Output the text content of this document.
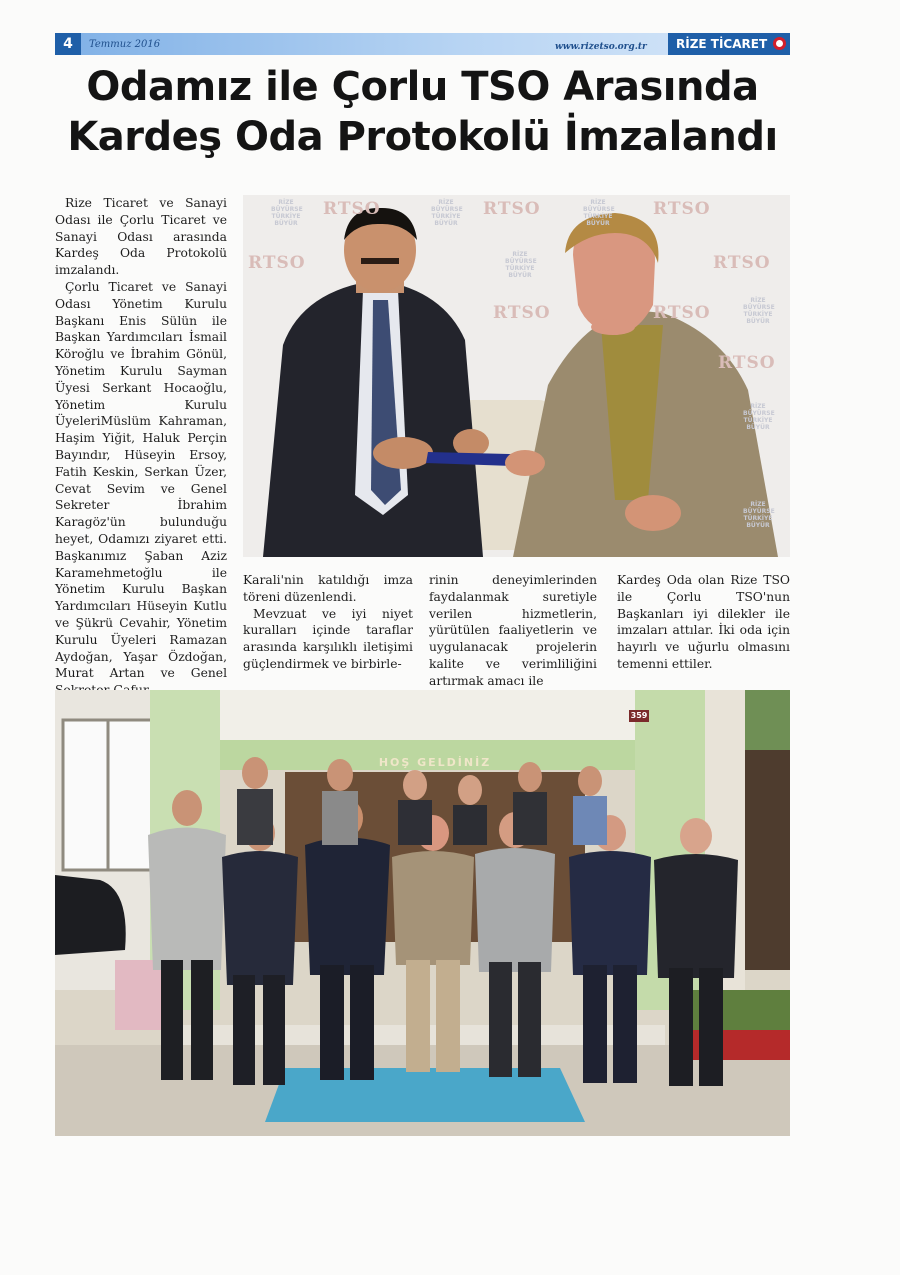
4	Temmuz 2016	www.rizetso.org.tr	RİZE TİCARET
Odamız ile Çorlu TSO Arasında
Kardeş Oda Protokolü İmzalandı

Rize Ticaret ve Sanayi Odası ile Çorlu Ticaret ve Sanayi Odası arasında Kardeş Oda Protokolü imzalandı.

Çorlu Ticaret ve Sanayi Odası Yönetim Kurulu Başkanı Enis Sülün ile Başkan Yardımcıları İsmail Köroğlu ve İbrahim Gönül, Yönetim Kurulu Sayman Üyesi Serkant Hocaoğlu, Yönetim Kurulu ÜyeleriMüslüm Kahraman, Haşim Yiğit, Haluk Perçin Bayındır, Hüseyin Ersoy, Fatih Keskin, Serkan Üzer, Cevat Sevim ve Genel Sekreter İbrahim Karagöz'ün bulunduğu heyet, Odamızı ziyaret etti. Başkanımız Şaban Aziz Karamehmetoğlu ile Yönetim Kurulu Başkan Yardımcıları Hüseyin Kutlu ve Şükrü Cevahir, Yönetim Kurulu Üyeleri Ramazan Aydoğan, Yaşar Özdoğan, Murat Artan ve Genel

RTSO	RTSO	RTSO
RTSO
RTSO	RTSO
RTSO
RTSO
RİZE BÜYÜRSE TÜRKİYE BÜYÜR
RİZE BÜYÜRSE TÜRKİYE BÜYÜR
RİZE BÜYÜRSE TÜRKİYE BÜYÜR
RİZE BÜYÜRSE TÜRKİYE BÜYÜR
RİZE BÜYÜRSE TÜRKİYE BÜYÜR
RİZE BÜYÜRSE TÜRKİYE BÜYÜR
RİZE BÜYÜRSE TÜRKİYE BÜYÜR

Karali'nin katıldığı imza töreni düzenlendi.

Mevzuat ve iyi niyet kuralları içinde taraflar arasında karşılıklı iletişimi güçlendirmek ve birbirle-

rinin deneyimlerinden faydalanmak suretiyle verilen hizmetlerin, yürütülen faaliyetlerin ve uygulanacak projelerin kalite ve verimliliğini artırmak amacı ile

Kardeş Oda olan Rize TSO ile Çorlu TSO'nun Başkanları iyi dilekler ile imzaları attılar. İki oda için hayırlı ve uğurlu olmasını temenni ettiler.

HOŞ GELDİNİZ
359
